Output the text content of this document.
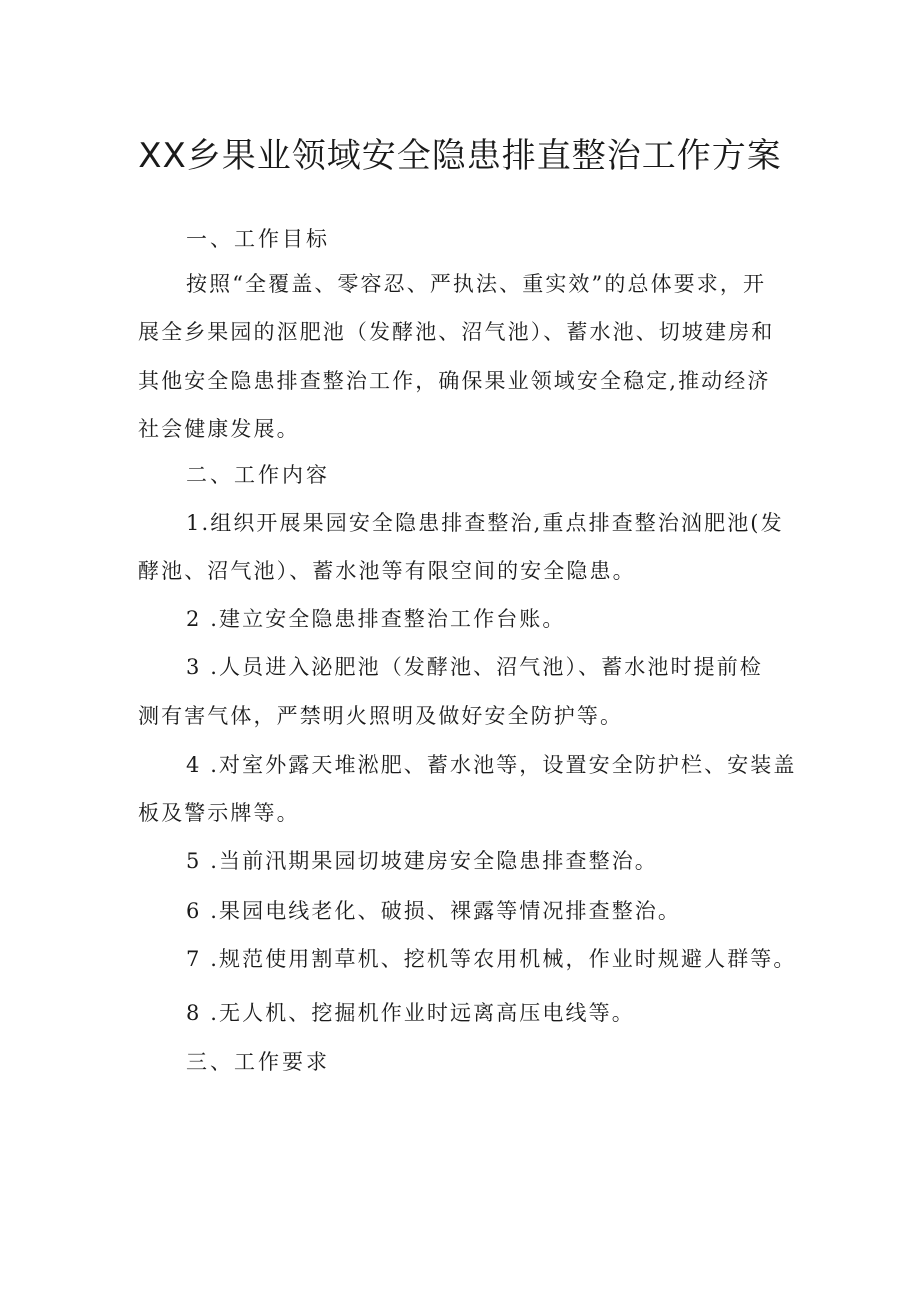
XX乡果业领域安全隐患排直整治工作方案
一、工作目标
按照“全覆盖、零容忍、严执法、重实效”的总体要求，开
展全乡果园的沤肥池（发酵池、沼气池）、蓄水池、切坡建房和
其他安全隐患排查整治工作，确保果业领域安全稳定,推动经济
社会健康发展。
二、工作内容
1.组织开展果园安全隐患排查整治,重点排查整治汹肥池(发
酵池、沼气池）、蓄水池等有限空间的安全隐患。
2 .建立安全隐患排查整治工作台账。
3 .人员进入泌肥池（发酵池、沼气池）、蓄水池时提前检
测有害气体，严禁明火照明及做好安全防护等。
4 .对室外露天堆淞肥、蓄水池等，设置安全防护栏、安装盖
板及警示牌等。
5 .当前汛期果园切坡建房安全隐患排查整治。
6 .果园电线老化、破损、裸露等情况排查整治。
7 .规范使用割草机、挖机等农用机械，作业时规避人群等。
8 .无人机、挖掘机作业时远离高压电线等。
三、工作要求
